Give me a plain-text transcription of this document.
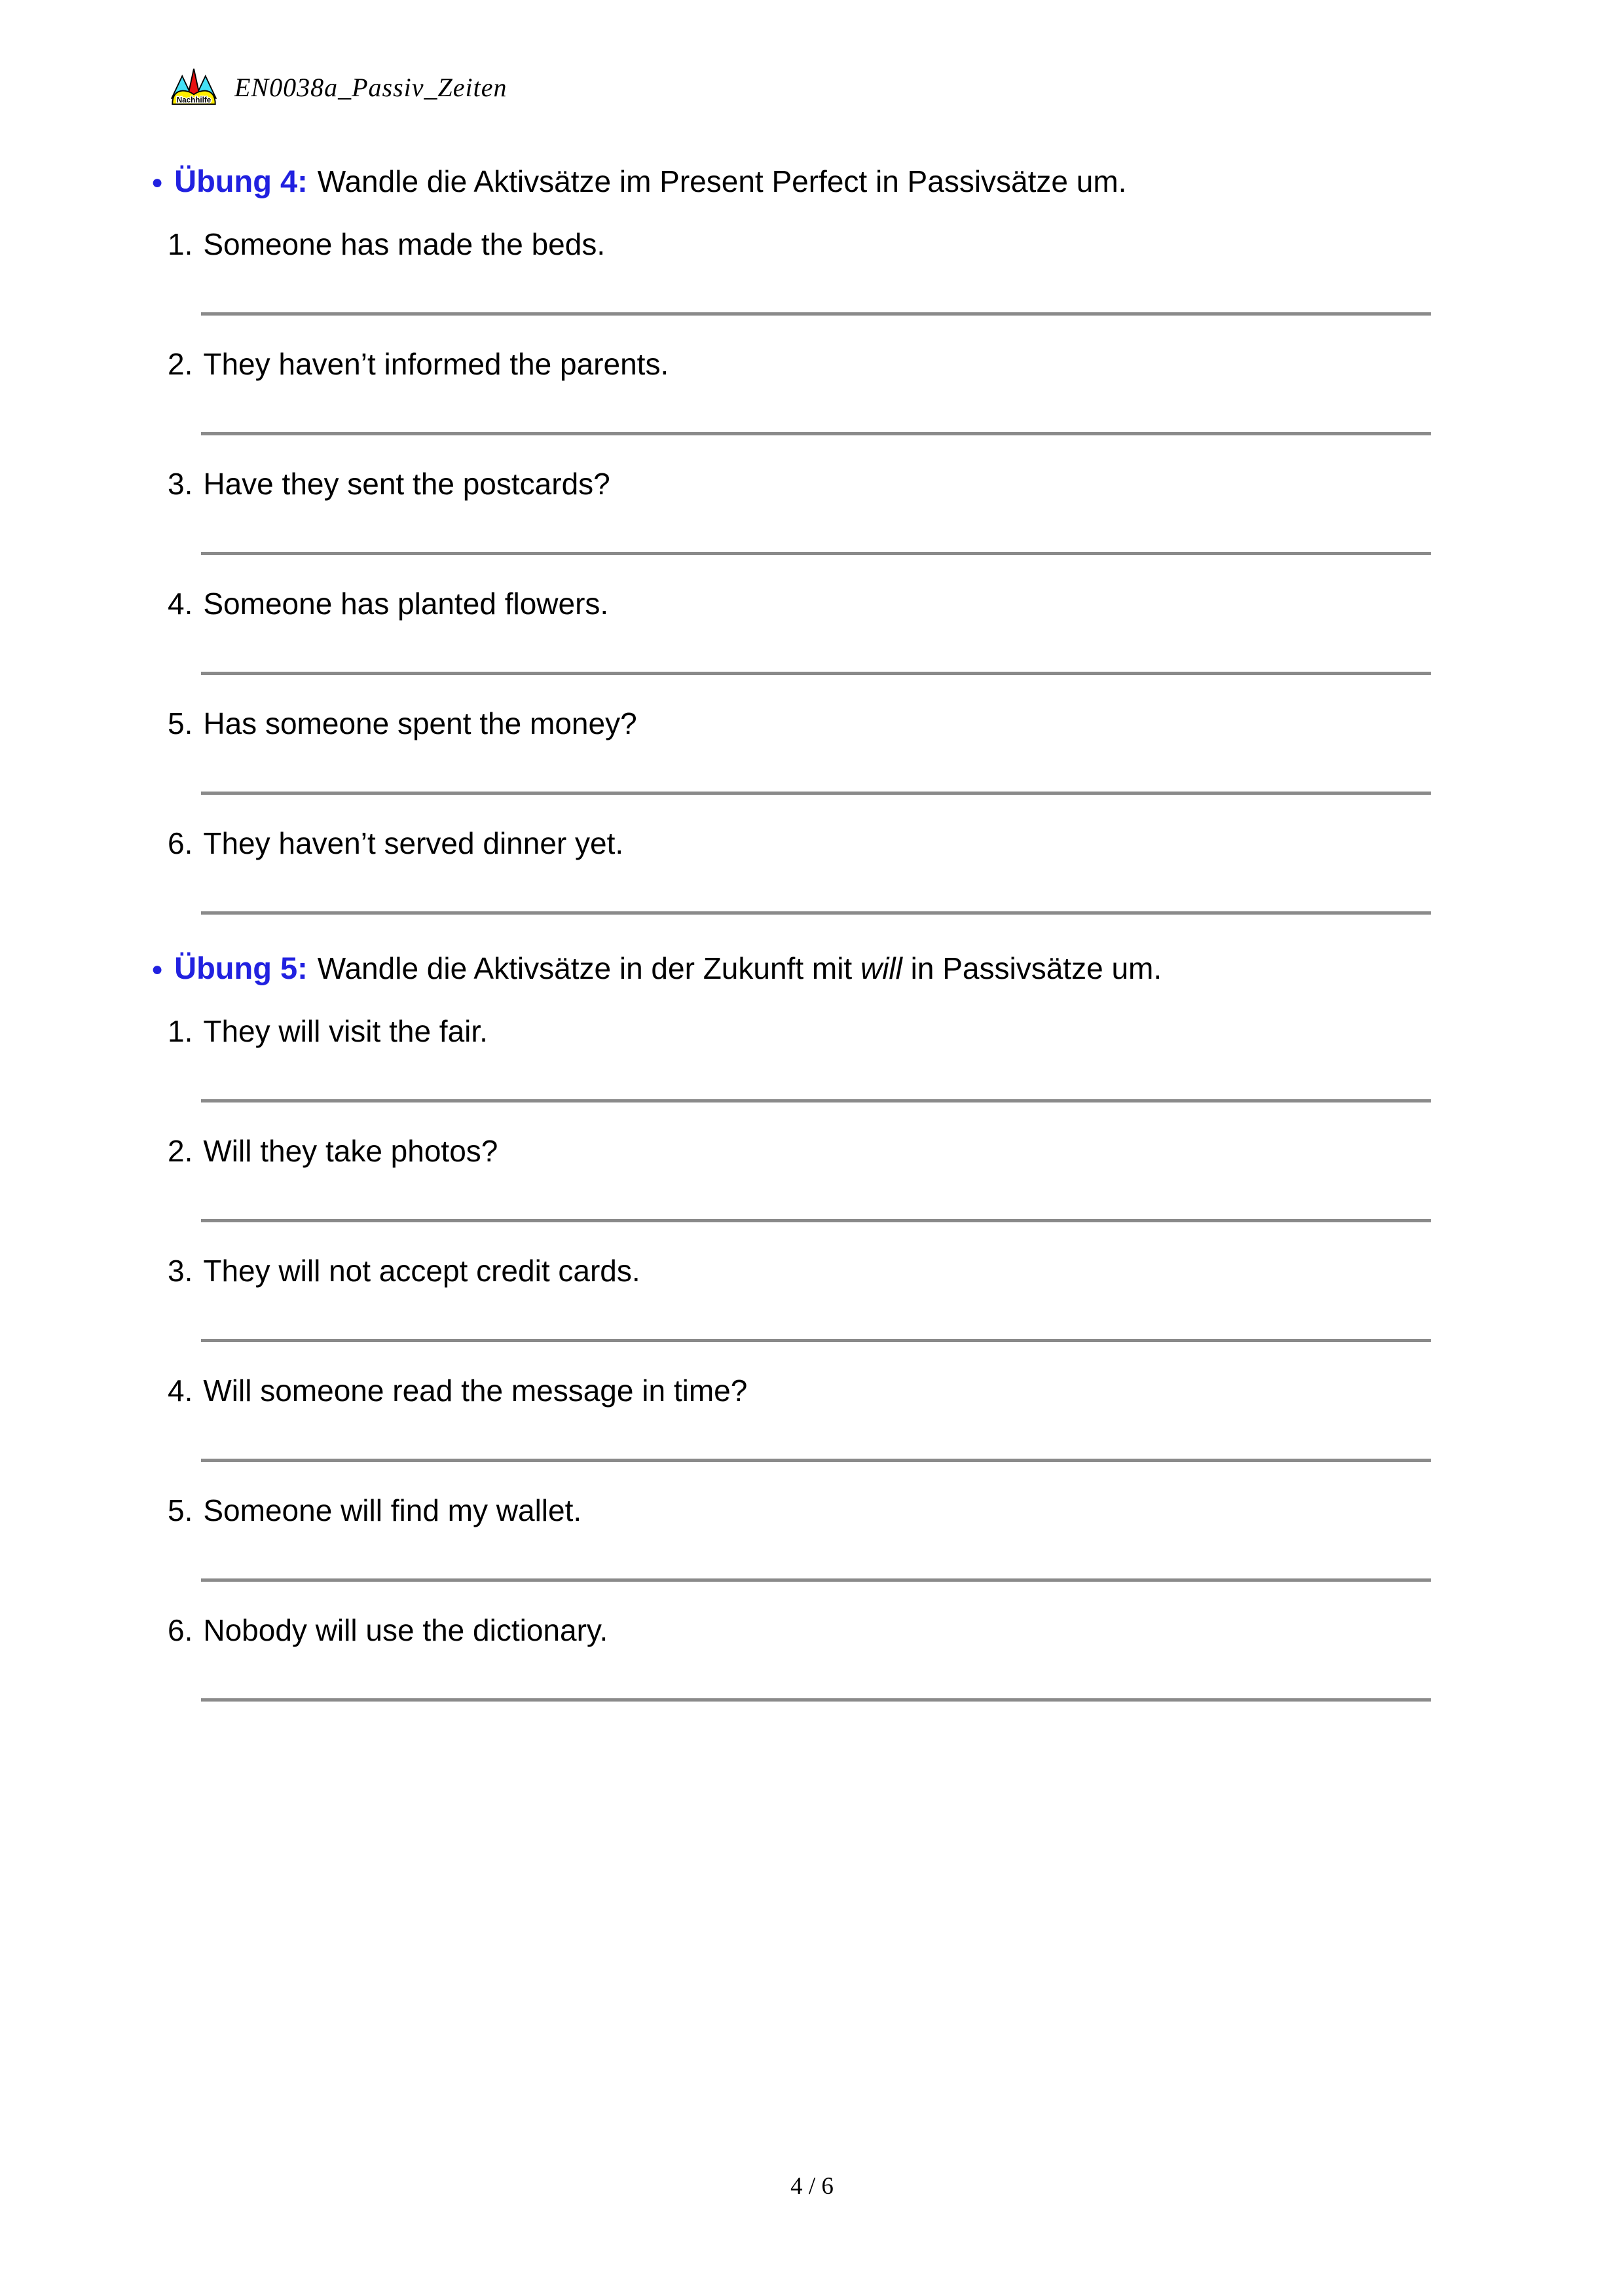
Nachhilfe EN0038a_Passiv_Zeiten
● Übung 4: Wandle die Aktivsätze im Present Perfect in Passivsätze um.
1. Someone has made the beds.
2. They haven’t informed the parents.
3. Have they sent the postcards?
4. Someone has planted flowers.
5. Has someone spent the money?
6. They haven’t served dinner yet.
● Übung 5: Wandle die Aktivsätze in der Zukunft mit will in Passivsätze um.
1. They will visit the fair.
2. Will they take photos?
3. They will not accept credit cards.
4. Will someone read the message in time?
5. Someone will find my wallet.
6. Nobody will use the dictionary.
4 / 6
